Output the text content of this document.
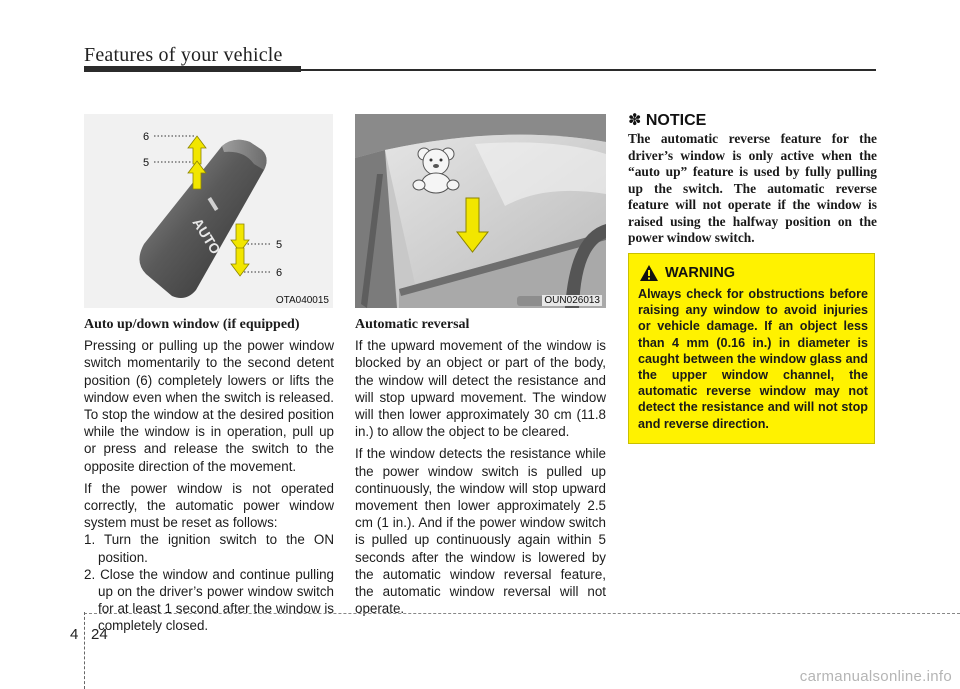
Features of your vehicle
AUTO
6
5
5
6
OTA040015	OUN026013
Auto up/down window (if equipped)

Pressing or pulling up the power window switch momentarily to the second detent position (6) completely lowers or lifts the window even when the switch is released. To stop the window at the desired position while the window is in operation, pull up or press and release the switch to the opposite direction of the movement.

If the power window is not operated correctly, the automatic power window system must be reset as follows:

1. Turn the ignition switch to the ON position.
2. Close the window and continue pulling up on the driver’s power window switch for at least 1 second after the window is completely closed.
Automatic reversal

If the upward movement of the window is blocked by an object or part of the body, the window will detect the resistance and will stop upward movement. The window will then lower approximately 30 cm (11.8 in.) to allow the object to be cleared.

If the window detects the resistance while the power window switch is pulled up continuously, the window will stop upward movement then lower approximately 2.5 cm (1 in.). And if the power window switch is pulled up continuously again within 5 seconds after the window is lowered by the automatic window reversal feature, the automatic window reversal will not operate.

✽ NOTICE
The automatic reverse feature for the driver’s window is only active when the “auto up” feature is used by fully pulling up the switch. The automatic reverse feature will not operate if the window is raised using the halfway position on the power window switch.
WARNING
Always check for obstructions before raising any window to avoid injuries or vehicle damage. If an object less than 4 mm (0.16 in.) in diameter is caught between the window glass and the upper window channel, the automatic reverse window may not detect the resistance and will not stop and reverse direction.
4 24
carmanualsonline.info
